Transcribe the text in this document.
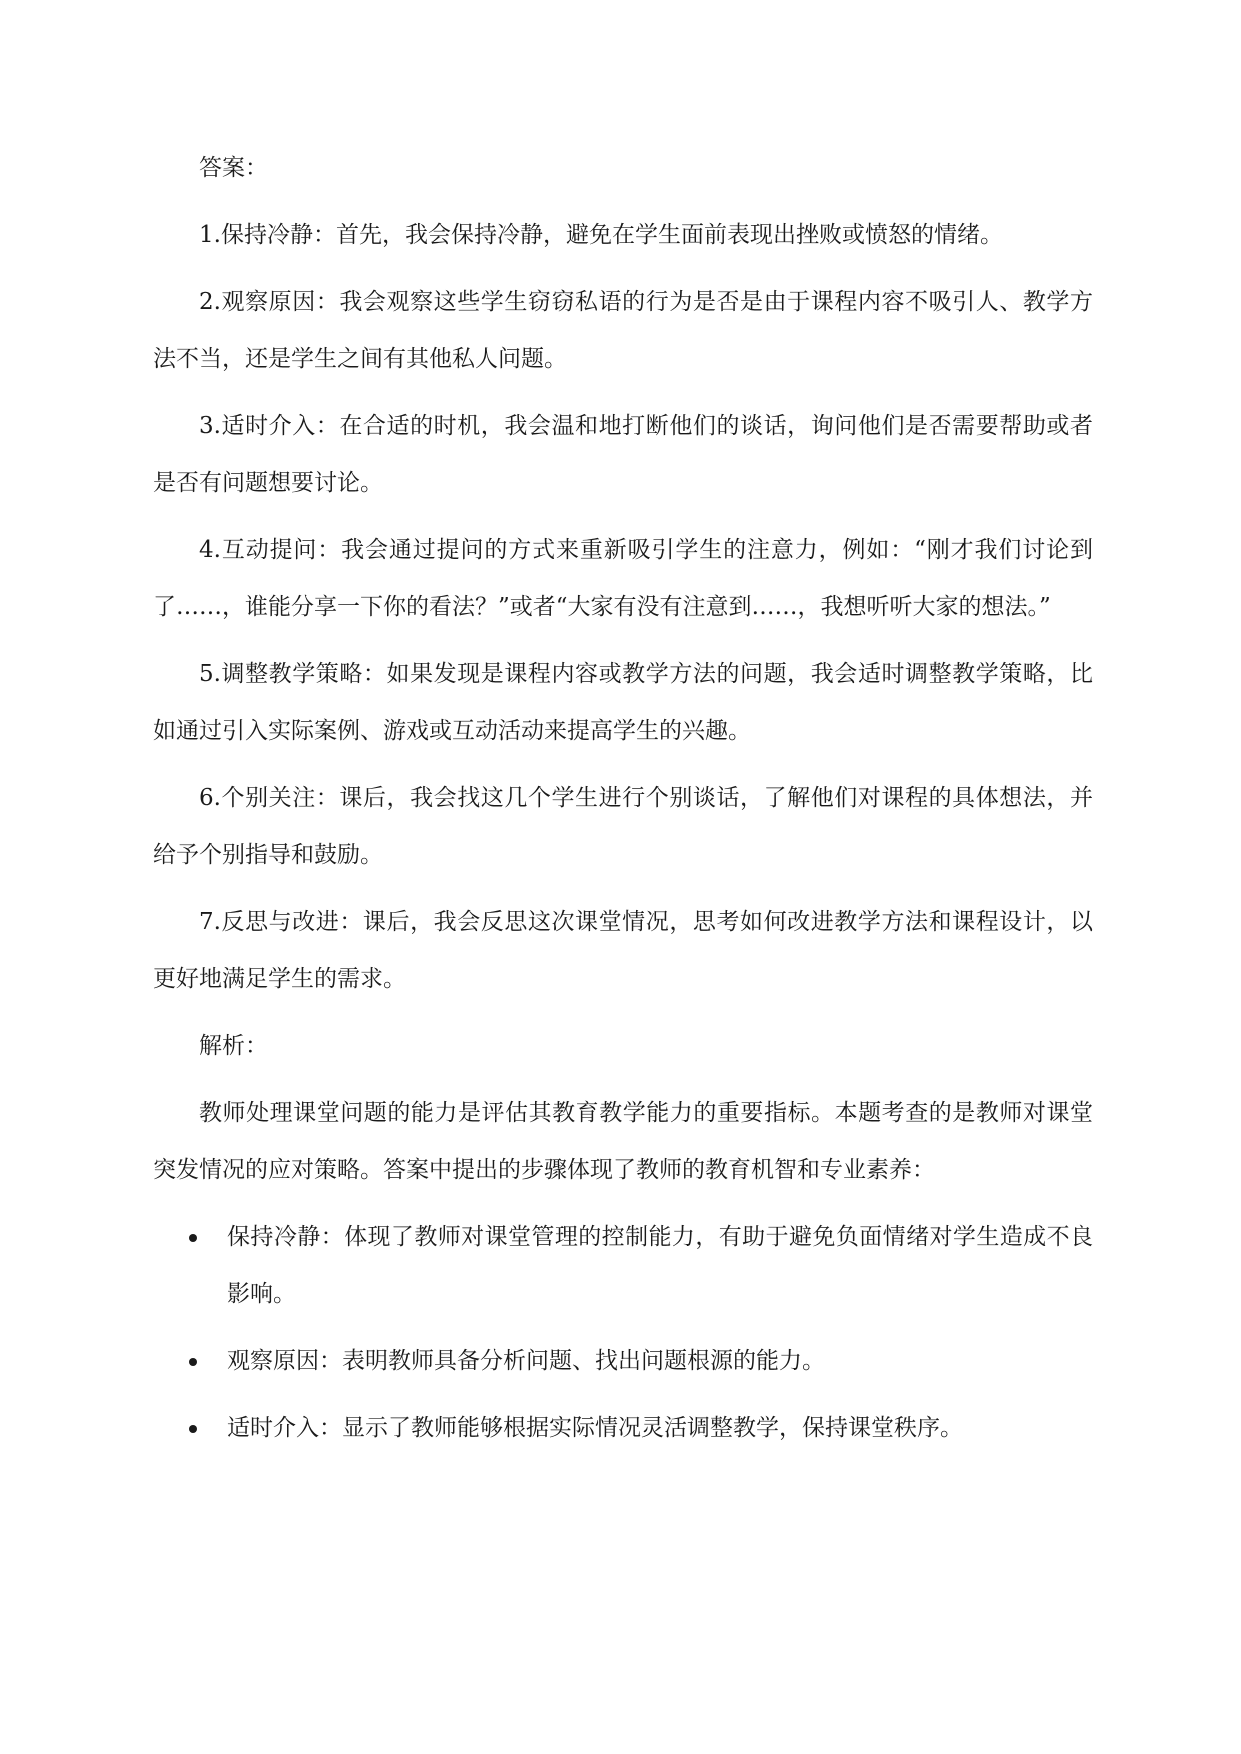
答案：

1.保持冷静：首先，我会保持冷静，避免在学生面前表现出挫败或愤怒的情绪。

2.观察原因：我会观察这些学生窃窃私语的行为是否是由于课程内容不吸引人、教学方法不当，还是学生之间有其他私人问题。

3.适时介入：在合适的时机，我会温和地打断他们的谈话，询问他们是否需要帮助或者是否有问题想要讨论。

4.互动提问：我会通过提问的方式来重新吸引学生的注意力，例如：“刚才我们讨论到了……，谁能分享一下你的看法？”或者“大家有没有注意到……，我想听听大家的想法。”

5.调整教学策略：如果发现是课程内容或教学方法的问题，我会适时调整教学策略，比如通过引入实际案例、游戏或互动活动来提高学生的兴趣。

6.个别关注：课后，我会找这几个学生进行个别谈话，了解他们对课程的具体想法，并给予个别指导和鼓励。

7.反思与改进：课后，我会反思这次课堂情况，思考如何改进教学方法和课程设计，以更好地满足学生的需求。

解析：

教师处理课堂问题的能力是评估其教育教学能力的重要指标。本题考查的是教师对课堂突发情况的应对策略。答案中提出的步骤体现了教师的教育机智和专业素养：

保持冷静：体现了教师对课堂管理的控制能力，有助于避免负面情绪对学生造成不良影响。
观察原因：表明教师具备分析问题、找出问题根源的能力。
适时介入：显示了教师能够根据实际情况灵活调整教学，保持课堂秩序。
